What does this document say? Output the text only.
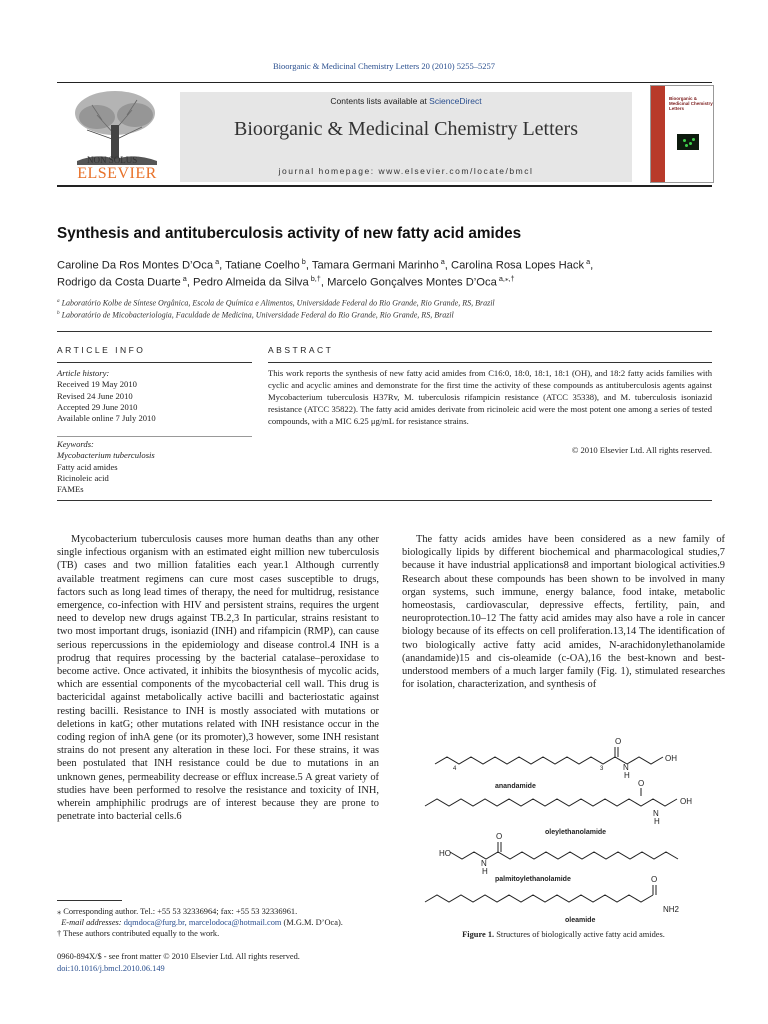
Bioorganic & Medicinal Chemistry Letters 20 (2010) 5255–5257
NON SOLUS
ELSEVIER
Contents lists available at ScienceDirect
Bioorganic & Medicinal Chemistry Letters
journal homepage: www.elsevier.com/locate/bmcl
Bioorganic & Medicinal Chemistry Letters
Synthesis and antituberculosis activity of new fatty acid amides
Caroline Da Ros Montes D’Oca $^a$, Tatiane Coelho $^b$, Tamara Germani Marinho $^a$, Carolina Rosa Lopes Hack $^a$,
Rodrigo da Costa Duarte $^a$, Pedro Almeida da Silva $^{b,\dagger}$, Marcelo Gonçalves Montes D’Oca $^{a,⁎,\dagger}$
$^a$ Laboratório Kolbe de Síntese Orgânica, Escola de Química e Alimentos, Universidade Federal do Rio Grande, Rio Grande, RS, Brazil
$^b$ Laboratório de Micobacteriologia, Faculdade de Medicina, Universidade Federal do Rio Grande, Rio Grande, RS, Brazil
ARTICLE INFO	ABSTRACT
Article history:
Received 19 May 2010
Revised 24 June 2010
Accepted 29 June 2010
Available online 7 July 2010
Keywords:
Mycobacterium tuberculosis
Fatty acid amides
Ricinoleic acid
FAMEs
This work reports the synthesis of new fatty acid amides from C16:0, 18:0, 18:1, 18:1 (OH), and 18:2 fatty acids families with cyclic and acyclic amines and demonstrate for the first time the activity of these compounds as antituberculosis agents against Mycobacterium tuberculosis H37Rv, M. tuberculosis rifampicin resistance (ATCC 35338), and M. tuberculosis isoniazid resistance (ATCC 35822). The fatty acid amides derivate from ricinoleic acid were the most potent one among a series of tested compounds, with a MIC 6.25 μg/mL for resistance strains.
© 2010 Elsevier Ltd. All rights reserved.

Mycobacterium tuberculosis causes more human deaths than any other single infectious organism with an estimated eight million new tuberculosis (TB) cases and two million fatalities each year.1 Although currently available treatment regimens can cure most cases susceptible to drugs, factors such as long lead times of therapy, the need for multidrug, resistance emergence, co-infection with HIV and persistent strains, requires the urgent need to develop new drugs against TB.2,3 In particular, strains resistant to two most important drugs, isoniazid (INH) and rifampicin (RMP), can cause serious repercussions in the epidemiology and disease control.4 INH is a prodrug that requires processing by the bacterial catalase–peroxidase to become active. Once activated, it inhibits the biosynthesis of mycolic acids, which are essential components of the mycobacterial cell wall. This drug is bactericidal against metabolically active bacilli and bacteriostatic against resting bacilli. Resistance to INH is mostly associated with mutations or deletions in katG; other mutations related with INH resistance occur in the coding region of inhA gene (or its promoter),3 however, some INH resistant strains do not present any alteration in these loci. For these strains, it was been postulated that INH resistance could be due to mutations in an unknown genes, permeability decrease or efflux increase.5 A great variety of studies have been performed to resolve the resistance and toxicity of INH, wherein amphiphilic prodrugs are of interest because they are prone to penetrate into bacterial cells.6

The fatty acids amides have been considered as a new family of biologically lipids by different biochemical and pharmacological studies,7 because it have industrial applications8 and important biological activities.9 Research about these compounds has been shown to be involved in many organ systems, such immune, energy balance, food intake, metabolic homeostasis, cardiovascular, depressive effects, fertility, pain, and neuroprotection.10–12 The fatty acid amides may also have a role in cancer biology because of its effects on cell proliferation.13,14 The identification of two biologically active fatty acid amides, N-arachidonylethanolamide (anandamide)15 and cis-oleamide (c-OA),16 the best-known and best-understood members of a much larger family (Fig. 1), stimulated researches for isolation, characterization, and synthesis of

O
N
H
OH
4	3
anandamide	O
OH
N
H
oleylethanolamide
O
HO
N
H
palmitoylethanolamide	O
NH2
oleamide
Figure 1. Structures of biologically active fatty acid amides.
⁎ Corresponding author. Tel.: +55 53 32336964; fax: +55 53 32336961.
E-mail addresses: dqmdoca@furg.br, marcelodoca@hotmail.com (M.G.M. D’Oca).
† These authors contributed equally to the work.
0960-894X/$ - see front matter © 2010 Elsevier Ltd. All rights reserved.
doi:10.1016/j.bmcl.2010.06.149
